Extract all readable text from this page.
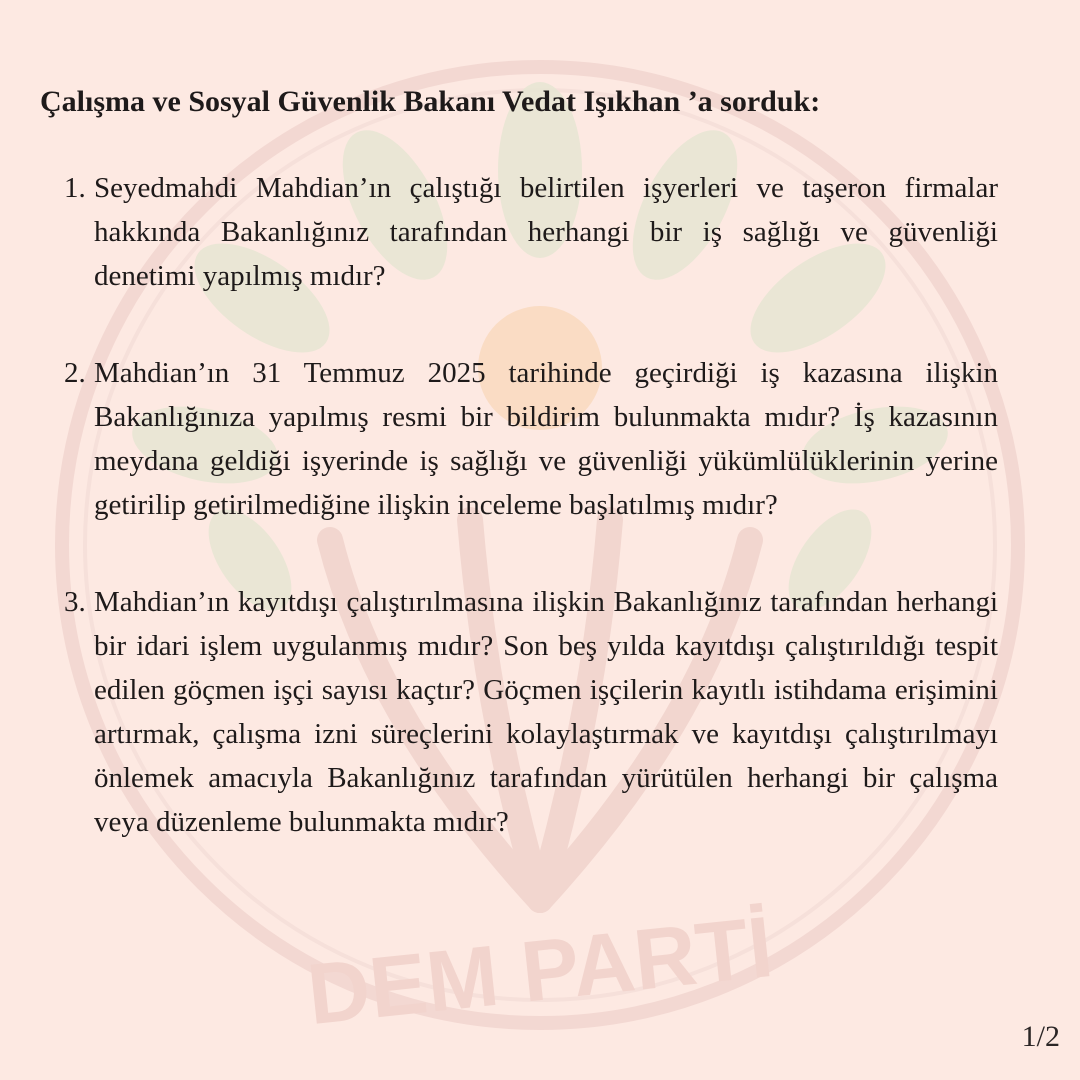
DEM PARTİ

Çalışma ve Sosyal Güvenlik Bakanı Vedat Işıkhan ’a sorduk:

1. Seyedmahdi Mahdian’ın çalıştığı belirtilen işyerleri ve taşeron firmalar hakkında Bakanlığınız tarafından herhangi bir iş sağlığı ve güvenliği denetimi yapılmış mıdır?
2. Mahdian’ın 31 Temmuz 2025 tarihinde geçirdiği iş kazasına ilişkin Bakanlığınıza yapılmış resmi bir bildirim bulunmakta mıdır? İş kazasının meydana geldiği işyerinde iş sağlığı ve güvenliği yükümlülüklerinin yerine getirilip getirilmediğine ilişkin inceleme başlatılmış mıdır?
3. Mahdian’ın kayıtdışı çalıştırılmasına ilişkin Bakanlığınız tarafından herhangi bir idari işlem uygulanmış mıdır? Son beş yılda kayıtdışı çalıştırıldığı tespit edilen göçmen işçi sayısı kaçtır? Göçmen işçilerin kayıtlı istihdama erişimini artırmak, çalışma izni süreçlerini kolaylaştırmak ve kayıtdışı çalıştırılmayı önlemek amacıyla Bakanlığınız tarafından yürütülen herhangi bir çalışma veya düzenleme bulunmakta mıdır?
1/2
